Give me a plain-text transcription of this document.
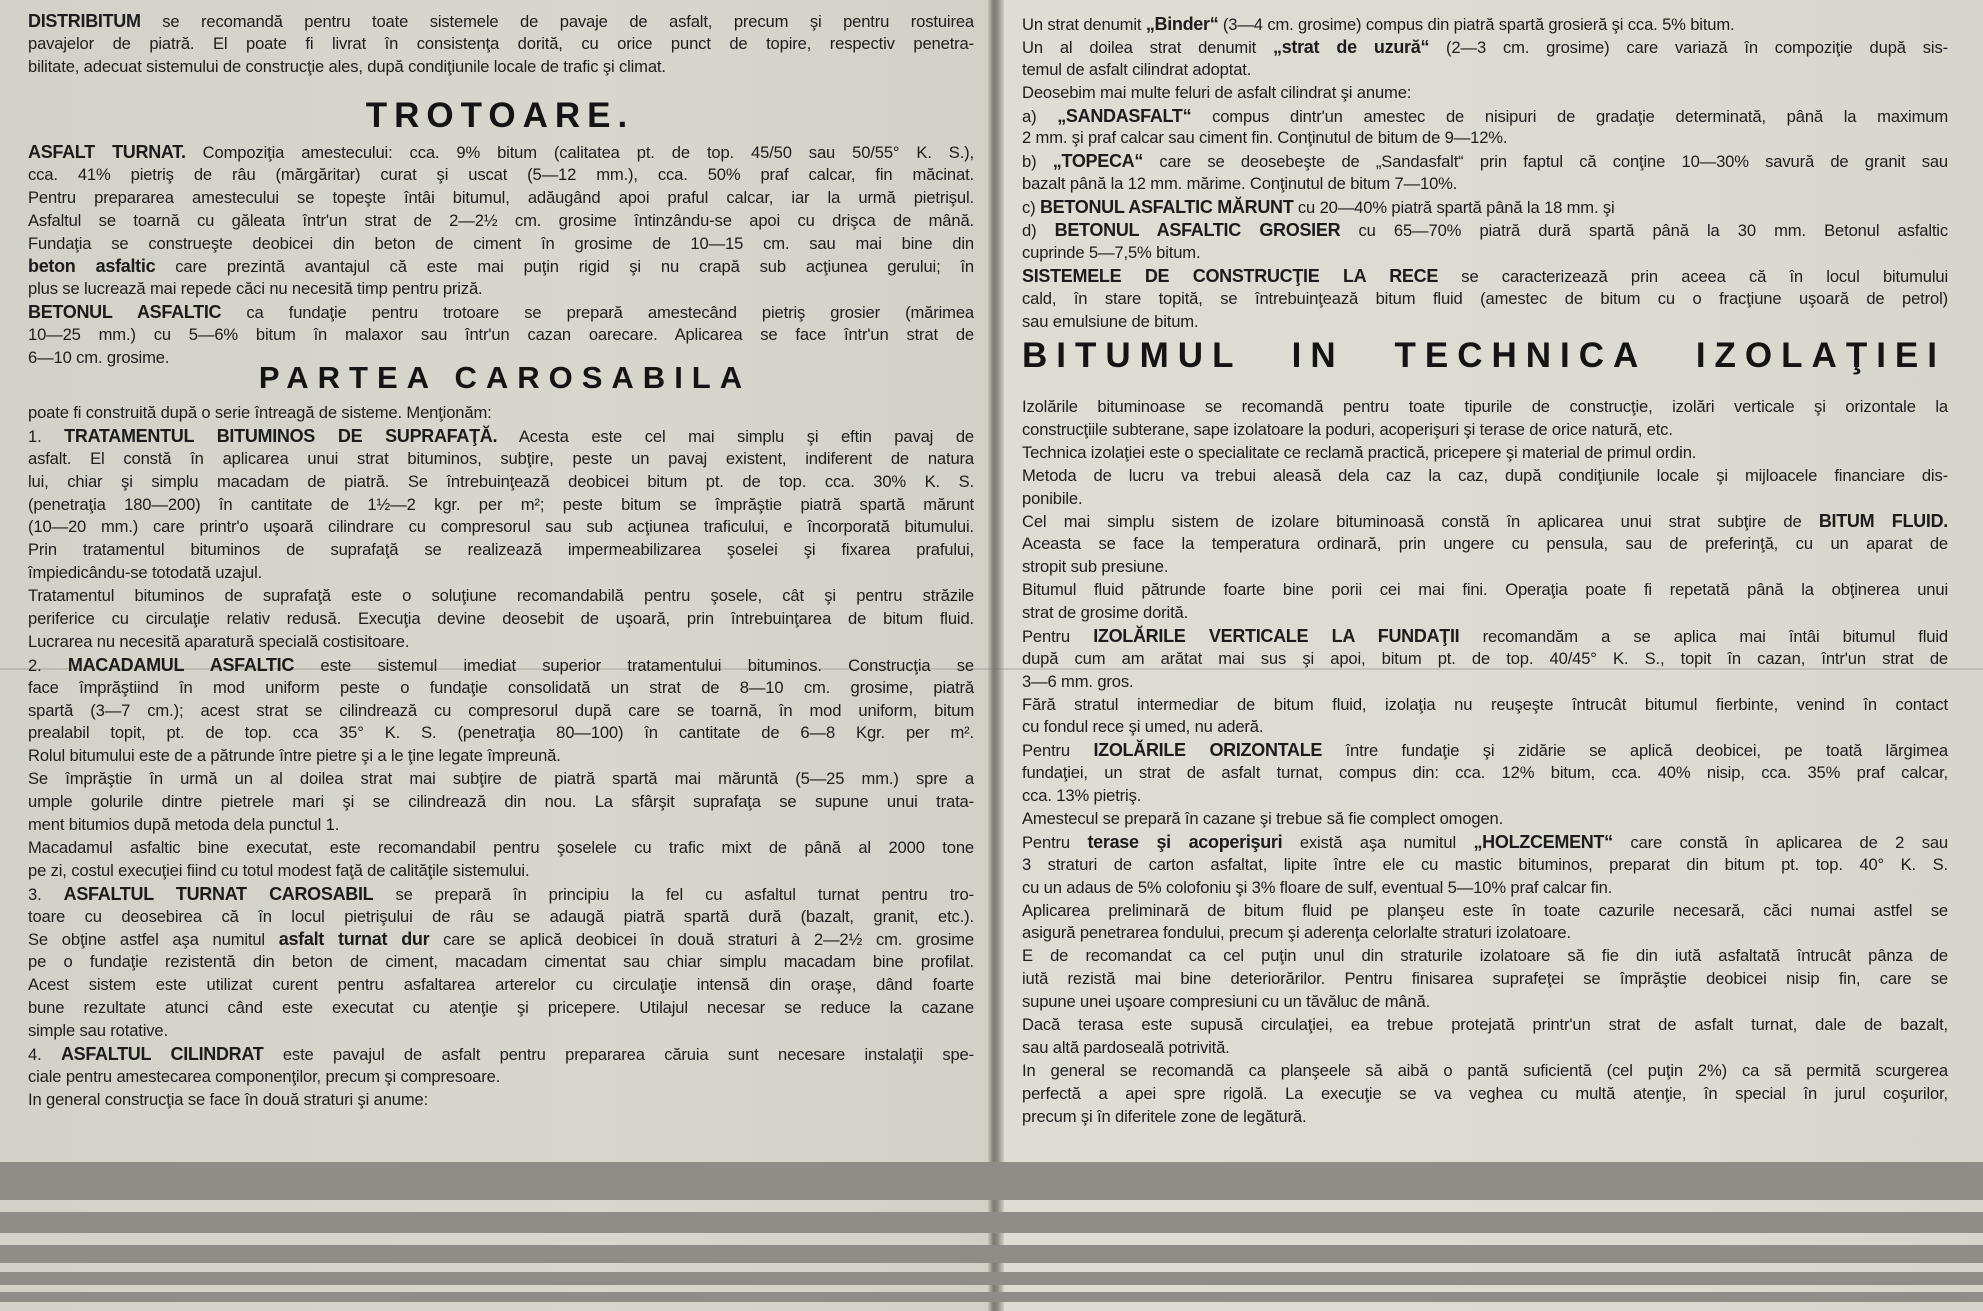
DISTRIBITUM se recomandă pentru toate sistemele de pavaje de asfalt, precum şi pentru rostuirea
pavajelor de piatră. El poate fi livrat în consistenţa dorită, cu orice punct de topire, respectiv penetra-
bilitate, adecuat sistemului de construcţie ales, după condiţiunile locale de trafic şi climat.
TROTOARE.
ASFALT TURNAT. Compoziţia amestecului: cca. 9% bitum (calitatea pt. de top. 45/50 sau 50/55° K. S.),
cca. 41% pietriş de râu (mărgăritar) curat şi uscat (5—12 mm.), cca. 50% praf calcar, fin măcinat.
Pentru prepararea amestecului se topeşte întâi bitumul, adăugând apoi praful calcar, iar la urmă pietrişul.
Asfaltul se toarnă cu găleata într'un strat de 2—2½ cm. grosime întinzându-se apoi cu drişca de mână.
Fundaţia se construeşte deobicei din beton de ciment în grosime de 10—15 cm. sau mai bine din
beton asfaltic care prezintă avantajul că este mai puţin rigid şi nu crapă sub acţiunea gerului; în
plus se lucrează mai repede căci nu necesită timp pentru priză.
BETONUL ASFALTIC ca fundaţie pentru trotoare se prepară amestecând pietriş grosier (mărimea
10—25 mm.) cu 5—6% bitum în malaxor sau într'un cazan oarecare. Aplicarea se face într'un strat de
6—10 cm. grosime.
PARTEA CAROSABILA
poate fi construită după o serie întreagă de sisteme. Menţionăm:
1. TRATAMENTUL BITUMINOS DE SUPRAFAŢĂ. Acesta este cel mai simplu şi eftin pavaj de
asfalt. El constă în aplicarea unui strat bituminos, subţire, peste un pavaj existent, indiferent de natura
lui, chiar şi simplu macadam de piatră. Se întrebuinţează deobicei bitum pt. de top. cca. 30% K. S.
(penetraţia 180—200) în cantitate de 1½—2 kgr. per m²; peste bitum se împrăştie piatră spartă mărunt
(10—20 mm.) care printr'o uşoară cilindrare cu compresorul sau sub acţiunea traficului, e încorporată bitumului.
Prin tratamentul bituminos de suprafaţă se realizează impermeabilizarea şoselei şi fixarea prafului,
împiedicându-se totodată uzajul.
Tratamentul bituminos de suprafaţă este o soluţiune recomandabilă pentru şosele, cât şi pentru străzile
periferice cu circulaţie relativ redusă. Execuţia devine deosebit de uşoară, prin întrebuinţarea de bitum fluid.
Lucrarea nu necesită aparatură specială costisitoare.
2. MACADAMUL ASFALTIC este sistemul imediat superior tratamentului bituminos. Construcţia se
face împrăştiind în mod uniform peste o fundaţie consolidată un strat de 8—10 cm. grosime, piatră
spartă (3—7 cm.); acest strat se cilindrează cu compresorul după care se toarnă, în mod uniform, bitum
prealabil topit, pt. de top. cca 35° K. S. (penetraţia 80—100) în cantitate de 6—8 Kgr. per m².
Rolul bitumului este de a pătrunde între pietre şi a le ţine legate împreună.
Se împrăştie în urmă un al doilea strat mai subţire de piatră spartă mai măruntă (5—25 mm.) spre a
umple golurile dintre pietrele mari şi se cilindrează din nou. La sfârşit suprafaţa se supune unui trata-
ment bitumios după metoda dela punctul 1.
Macadamul asfaltic bine executat, este recomandabil pentru şoselele cu trafic mixt de până al 2000 tone
pe zi, costul execuţiei fiind cu totul modest faţă de calităţile sistemului.
3. ASFALTUL TURNAT CAROSABIL se prepară în principiu la fel cu asfaltul turnat pentru tro-
toare cu deosebirea că în locul pietrişului de râu se adaugă piatră spartă dură (bazalt, granit, etc.).
Se obţine astfel aşa numitul asfalt turnat dur care se aplică deobicei în două straturi à 2—2½ cm. grosime
pe o fundaţie rezistentă din beton de ciment, macadam cimentat sau chiar simplu macadam bine profilat.
Acest sistem este utilizat curent pentru asfaltarea arterelor cu circulaţie intensă din oraşe, dând foarte
bune rezultate atunci când este executat cu atenţie şi pricepere. Utilajul necesar se reduce la cazane
simple sau rotative.
4. ASFALTUL CILINDRAT este pavajul de asfalt pentru prepararea căruia sunt necesare instalaţii spe-
ciale pentru amestecarea componenţilor, precum şi compresoare.
In general construcţia se face în două straturi şi anume:
Un strat denumit „Binder“ (3—4 cm. grosime) compus din piatră spartă grosieră şi cca. 5% bitum.
Un al doilea strat denumit „strat de uzură“ (2—3 cm. grosime) care variază în compoziţie după sis-
temul de asfalt cilindrat adoptat.
Deosebim mai multe feluri de asfalt cilindrat şi anume:
a) „SANDASFALT“ compus dintr'un amestec de nisipuri de gradaţie determinată, până la maximum
2 mm. şi praf calcar sau ciment fin. Conţinutul de bitum de 9—12%.
b) „TOPECA“ care se deosebeşte de „Sandasfalt“ prin faptul că conţine 10—30% savură de granit sau
bazalt până la 12 mm. mărime. Conţinutul de bitum 7—10%.
c) BETONUL ASFALTIC MĂRUNT cu 20—40% piatră spartă până la 18 mm. şi
d) BETONUL ASFALTIC GROSIER cu 65—70% piatră dură spartă până la 30 mm. Betonul asfaltic
cuprinde 5—7,5% bitum.
SISTEMELE DE CONSTRUCŢIE LA RECE se caracterizează prin aceea că în locul bitumului
cald, în stare topită, se întrebuinţează bitum fluid (amestec de bitum cu o fracţiune uşoară de petrol)
sau emulsiune de bitum.
BITUMUL IN TECHNICA IZOLAŢIEI
Izolările bituminoase se recomandă pentru toate tipurile de construcţie, izolări verticale şi orizontale la
construcţiile subterane, sape izolatoare la poduri, acoperişuri şi terase de orice natură, etc.
Technica izolaţiei este o specialitate ce reclamă practică, pricepere şi material de primul ordin.
Metoda de lucru va trebui aleasă dela caz la caz, după condiţiunile locale şi mijloacele financiare dis-
ponibile.
Cel mai simplu sistem de izolare bituminoasă constă în aplicarea unui strat subţire de BITUM FLUID.
Aceasta se face la temperatura ordinară, prin ungere cu pensula, sau de preferinţă, cu un aparat de
stropit sub presiune.
Bitumul fluid pătrunde foarte bine porii cei mai fini. Operaţia poate fi repetată până la obţinerea unui
strat de grosime dorită.
Pentru IZOLĂRILE VERTICALE LA FUNDAŢII recomandăm a se aplica mai întâi bitumul fluid
după cum am arătat mai sus şi apoi, bitum pt. de top. 40/45° K. S., topit în cazan, într'un strat de
3—6 mm. gros.
Fără stratul intermediar de bitum fluid, izolaţia nu reuşeşte întrucât bitumul fierbinte, venind în contact
cu fondul rece şi umed, nu aderă.
Pentru IZOLĂRILE ORIZONTALE între fundaţie şi zidărie se aplică deobicei, pe toată lărgimea
fundaţiei, un strat de asfalt turnat, compus din: cca. 12% bitum, cca. 40% nisip, cca. 35% praf calcar,
cca. 13% pietriş.
Amestecul se prepară în cazane şi trebue să fie complect omogen.
Pentru terase şi acoperişuri există aşa numitul „HOLZCEMENT“ care constă în aplicarea de 2 sau
3 straturi de carton asfaltat, lipite între ele cu mastic bituminos, preparat din bitum pt. top. 40° K. S.
cu un adaus de 5% colofoniu şi 3% floare de sulf, eventual 5—10% praf calcar fin.
Aplicarea preliminară de bitum fluid pe planşeu este în toate cazurile necesară, căci numai astfel se
asigură penetrarea fondului, precum şi aderenţa celorlalte straturi izolatoare.
E de recomandat ca cel puţin unul din straturile izolatoare să fie din iută asfaltată întrucât pânza de
iută rezistă mai bine deteriorărilor. Pentru finisarea suprafeţei se împrăştie deobicei nisip fin, care se
supune unei uşoare compresiuni cu un tăvăluc de mână.
Dacă terasa este supusă circulaţiei, ea trebue protejată printr'un strat de asfalt turnat, dale de bazalt,
sau altă pardoseală potrivită.
In general se recomandă ca planşeele să aibă o pantă suficientă (cel puţin 2%) ca să permită scurgerea
perfectă a apei spre rigolă. La execuţie se va veghea cu multă atenţie, în special în jurul coşurilor,
precum şi în diferitele zone de legătură.
